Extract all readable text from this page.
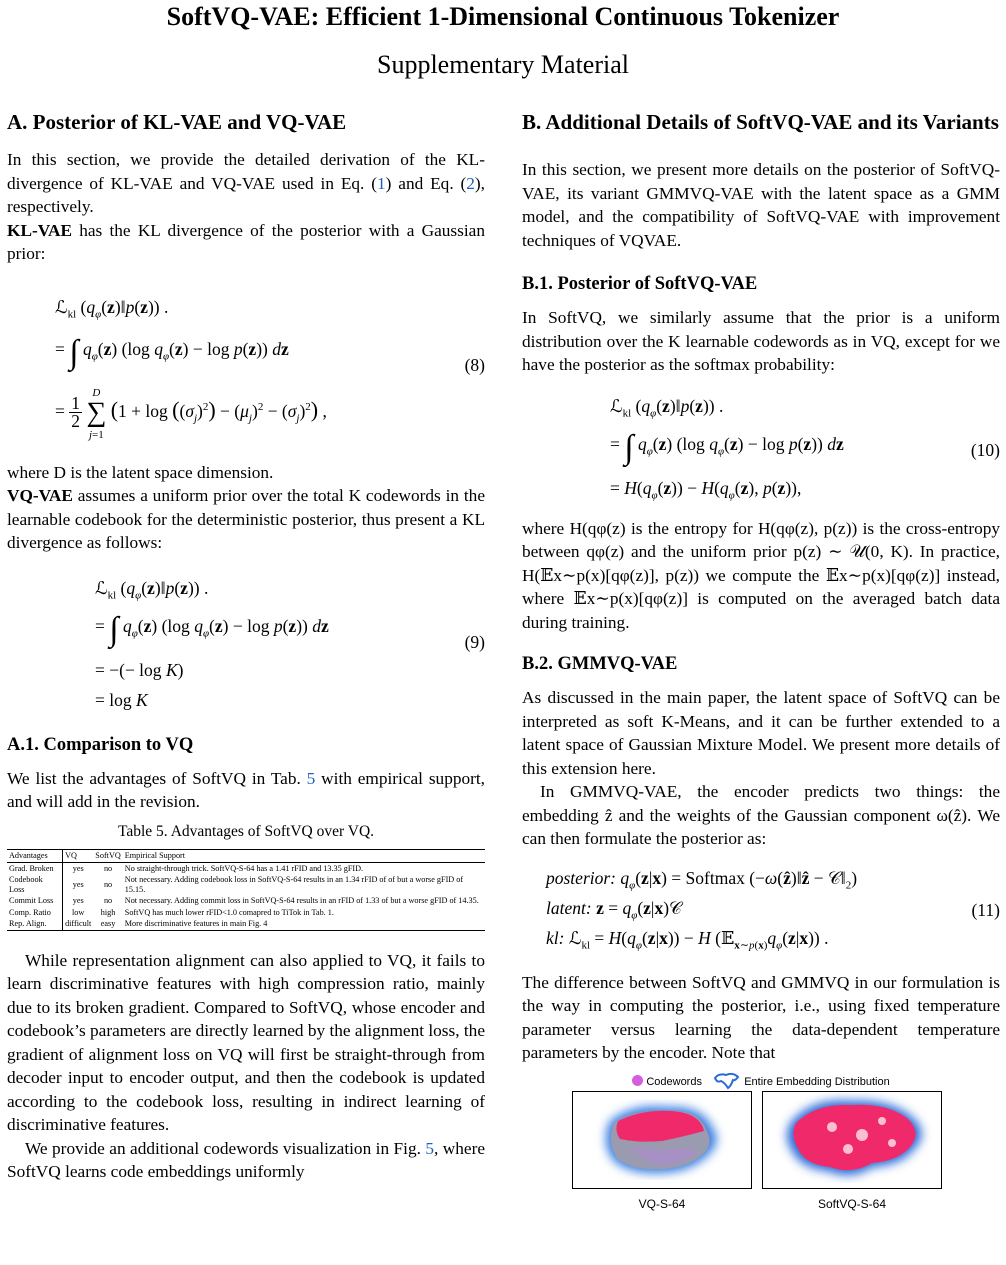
SoftVQ-VAE: Efficient 1-Dimensional Continuous Tokenizer
Supplementary Material
A. Posterior of KL-VAE and VQ-VAE

In this section, we provide the detailed derivation of the KL-divergence of KL-VAE and VQ-VAE used in Eq. (1) and Eq. (2), respectively.

KL-VAE has the KL divergence of the posterior with a Gaussian prior:

ℒ$_{kl}$ $(q_\varphi(z)‖p(z))$ .
= ∫ $q_\varphi(z)$ (log $q_\varphi(z) - \log p(z)$) dz
= 1
2 D
∑
j=1 $(1 + \log ((\sigma_j)^2) - (\mu_j)^2 - (\sigma_j)^2)$ ,
(8)

where D is the latent space dimension.

VQ-VAE assumes a uniform prior over the total K codewords in the learnable codebook for the deterministic posterior, thus present a KL divergence as follows:

ℒ$_{kl}$ $(q_\varphi(z)‖p(z))$ .
= ∫ $q_\varphi(z)$ (log $q_\varphi(z) - \log p(z)$) dz
= −(− log K)
= log K
(9)
A.1. Comparison to VQ

We list the advantages of SoftVQ in Tab. 5 with empirical support, and will add in the revision.

Table 5. Advantages of SoftVQ over VQ.
Advantages	VQ	SoftVQ	Empirical Support
Grad. Broken	yes	no	No straight-through trick. SoftVQ-S-64 has a 1.41 rFID and 13.35 gFID.
Codebook Loss	yes	no	Not necessary. Adding codebook loss in SoftVQ-S-64 results in an 1.34 rFID of of but a worse gFID of 15.15.
Commit Loss	yes	no	Not necessary. Adding commit loss in SoftVQ-S-64 results in an rFID of 1.33 of but a worse gFID of 14.35.
Comp. Ratio	low	high	SoftVQ has much lower rFID<1.0 comapred to TiTok in Tab. 1.
Rep. Align.	difficult	easy	More discriminative features in main Fig. 4

While representation alignment can also applied to VQ, it fails to learn discriminative features with high compression ratio, mainly due to its broken gradient. Compared to SoftVQ, whose encoder and codebook’s parameters are directly learned by the alignment loss, the gradient of alignment loss on VQ will first be straight-through from decoder input to encoder output, and then the codebook is updated according to the codebook loss, resulting in indirect learning of discriminative features.

We provide an additional codewords visualization in Fig. 5, where SoftVQ learns code embeddings uniformly

B. Additional Details of SoftVQ-VAE and its Variants

In this section, we present more details on the posterior of SoftVQ-VAE, its variant GMMVQ-VAE with the latent space as a GMM model, and the compatibility of SoftVQ-VAE with improvement techniques of VQVAE.

B.1. Posterior of SoftVQ-VAE

In SoftVQ, we similarly assume that the prior is a uniform distribution over the K learnable codewords as in VQ, except for we have the posterior as the softmax probability:

ℒ$_{kl}$ $(q_\varphi(z)‖p(z))$ .
= ∫ $q_\varphi(z)$ (log $q_\varphi(z) - \log p(z)$) dz
= $H(q_\varphi(z)) - H(q_\varphi(z)$, p(z)),
(10)

where H(qφ(z) is the entropy for H(qφ(z), p(z)) is the cross-entropy between qφ(z) and the uniform prior p(z) ∼ 𝒰(0, K). In practice, H(𝔼x∼p(x)[qφ(z)], p(z)) we compute the 𝔼x∼p(x)[qφ(z)] instead, where 𝔼x∼p(x)[qφ(z)] is computed on the averaged batch data during training.

B.2. GMMVQ-VAE

As discussed in the main paper, the latent space of SoftVQ can be interpreted as soft K-Means, and it can be further extended to a latent space of Gaussian Mixture Model. We present more details of this extension here.

In GMMVQ-VAE, the encoder predicts two things: the embedding ẑ and the weights of the Gaussian component ω(ẑ). We can then formulate the posterior as:

posterior: $q_\varphi(z|x)$ = Softmax (−ω(ẑ)‖ẑ − $𝒞‖_2$)
latent: $z = q_\varphi(z|x)𝒞$
kl: ℒ$_{kl}$ = $H(q_\varphi(z|x)) - H$ $(𝔼_{x\sim p(x)}q_\varphi(z|x))$ .
(11)

The difference between SoftVQ and GMMVQ in our formulation is the way in computing the posterior, i.e., using fixed temperature parameter versus learning the data-dependent temperature parameters by the encoder. Note that

Codewords	Entire Embedding Distribution
VQ-S-64	SoftVQ-S-64
